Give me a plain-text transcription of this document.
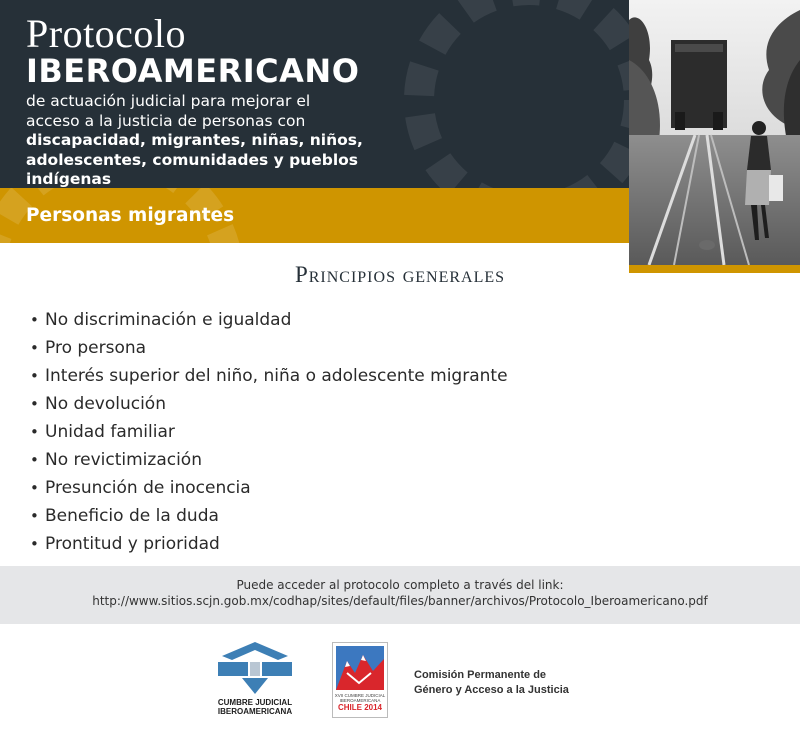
Protocolo
IBEROAMERICANO
de actuación judicial para mejorar el acceso a la justicia de personas con discapacidad, migrantes, niñas, niños, adolescentes, comunidades y pueblos indígenas
Personas migrantes
Principios generales
• No discriminación e igualdad
• Pro persona
• Interés superior del niño, niña o adolescente migrante
• No devolución
• Unidad familiar
• No revictimización
• Presunción de inocencia
• Beneficio de la duda
• Prontitud y prioridad
Puede acceder al protocolo completo a través del link:
http://www.sitios.scjn.gob.mx/codhap/sites/default/files/banner/archivos/Protocolo_Iberoamericano.pdf
CUMBRE JUDICIAL
IBEROAMERICANA
XVII CUMBRE JUDICIAL IBEROAMERICANA
CHILE 2014
Comisión Permanente de
Género y Acceso a la Justicia
